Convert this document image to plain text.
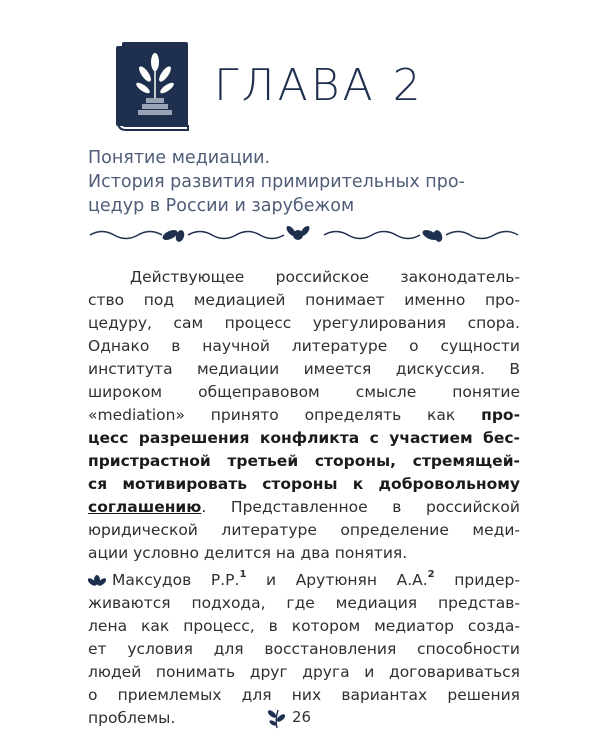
ГЛАВА 2
Понятие медиации.
История развития примирительных про-
цедур в России и зарубежом

Действующее российское законодатель-
ство под медиацией понимает именно про-
цедуру, сам процесс урегулирования спора.
Однако в научной литературе о сущности
института медиации имеется дискуссия. В
широком общеправовом смысле понятие
«mediation» принято определять как про-
цесс разрешения конфликта с участием бес-
пристрастной третьей стороны, стремящей-
ся мотивировать стороны к добровольному
соглашению. Представленное в российской
юридической литературе определение меди-
ации условно делится на два понятия.

Максудов Р.Р.$^1$ и Арутюнян А.А.$^2$ придер-
живаются подхода, где медиация представ-
лена как процесс, в котором медиатор созда-
ет условия для восстановления способности
людей понимать друг друга и договариваться
о приемлемых для них вариантах решения
проблемы.	26
